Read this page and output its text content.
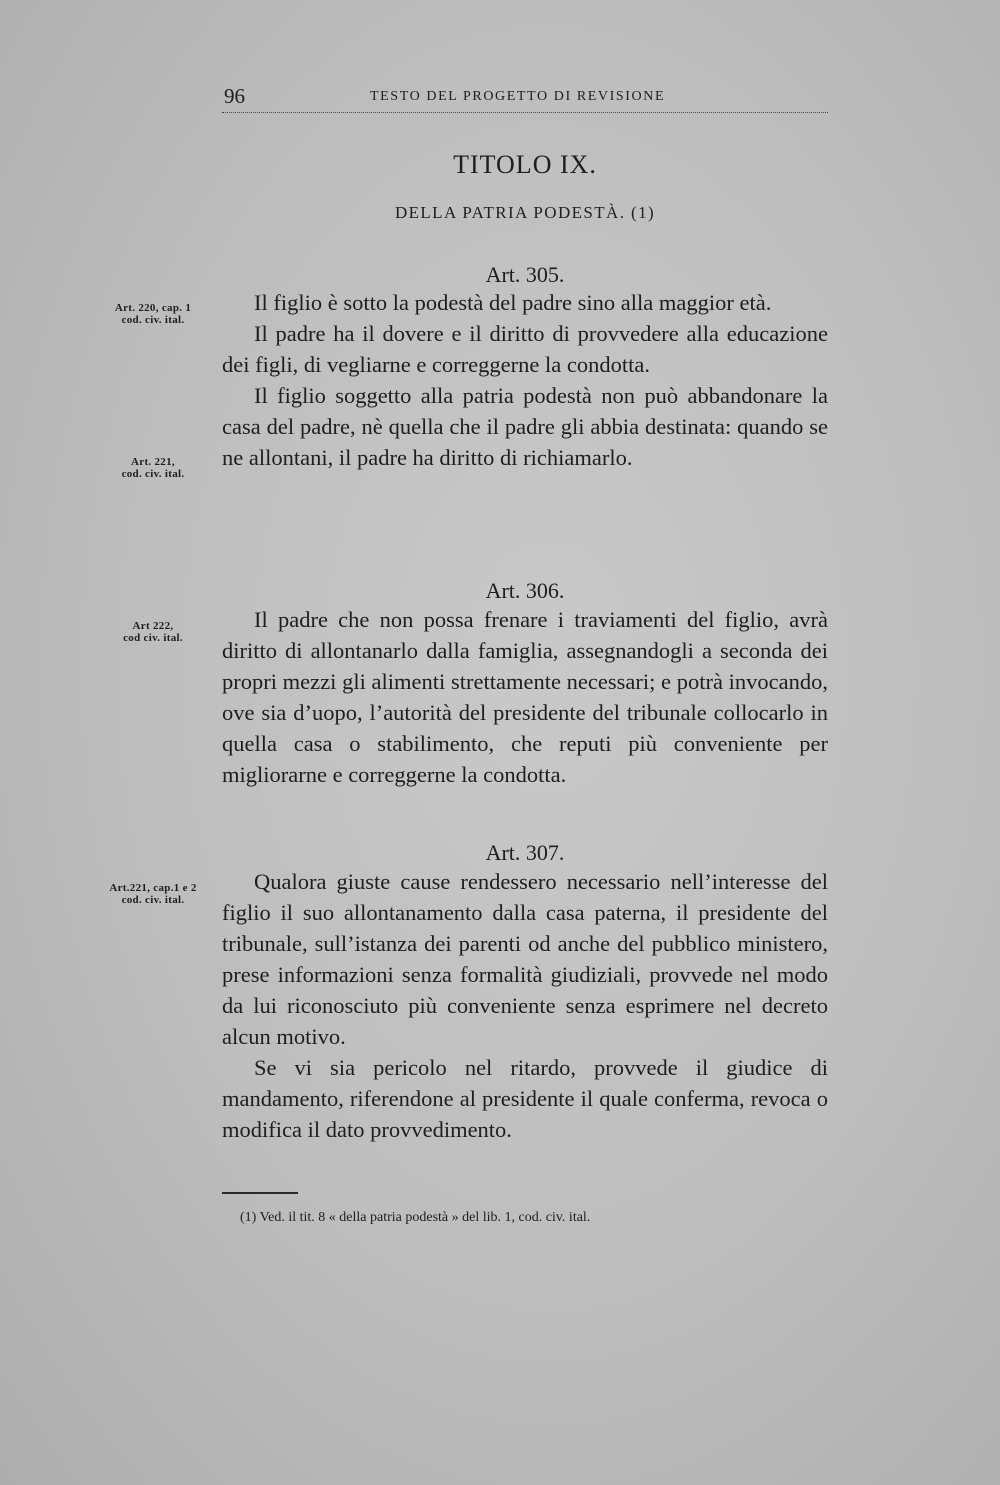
96	TESTO DEL PROGETTO DI REVISIONE
TITOLO IX.
DELLA PATRIA PODESTÀ. (1)
Art. 305.
Art. 220, cap. 1
cod. civ. ital.

Il figlio è sotto la podestà del padre sino alla maggior età.

Il padre ha il dovere e il diritto di provvedere alla educazione dei figli, di vegliarne e correggerne la condotta.

Il figlio soggetto alla patria podestà non può abbandonare la casa del padre, nè quella che il padre gli abbia destinata: quando se ne allontani, il padre ha diritto di richiamarlo.

Art. 221,
cod. civ. ital.
Art. 306.
Art 222,
cod civ. ital.

Il padre che non possa frenare i traviamenti del figlio, avrà diritto di allontanarlo dalla famiglia, assegnandogli a seconda dei propri mezzi gli alimenti strettamente necessari; e potrà invocando, ove sia d’uopo, l’autorità del presidente del tribunale collocarlo in quella casa o stabilimento, che reputi più conveniente per migliorarne e correggerne la condotta.

Art. 307.
Art.221, cap.1 e 2
cod. civ. ital.

Qualora giuste cause rendessero necessario nell’interesse del figlio il suo allontanamento dalla casa paterna, il presidente del tribunale, sull’istanza dei parenti od anche del pubblico ministero, prese informazioni senza formalità giudiziali, provvede nel modo da lui riconosciuto più conveniente senza esprimere nel decreto alcun motivo.

Se vi sia pericolo nel ritardo, provvede il giudice di mandamento, riferendone al presidente il quale conferma, revoca o modifica il dato provvedimento.

(1) Ved. il tit. 8 « della patria podestà » del lib. 1, cod. civ. ital.
